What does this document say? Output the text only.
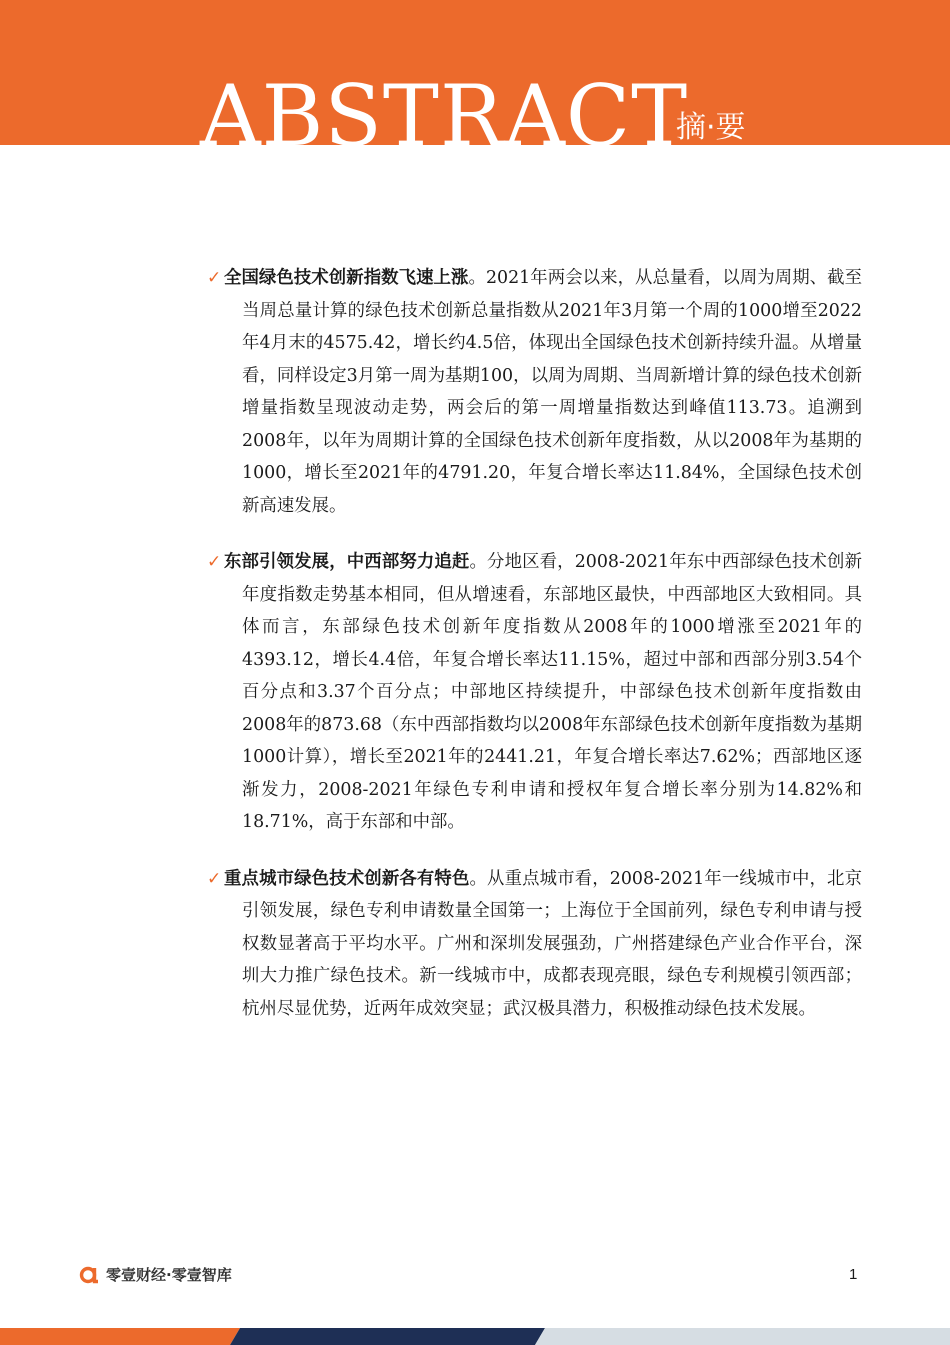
ABSTRACT
摘·要
✓ 全国绿色技术创新指数飞速上涨。2021年两会以来，从总量看，以周为周期、截至当周总量计算的绿色技术创新总量指数从2021年3月第一个周的1000增至2022年4月末的4575.42，增长约4.5倍，体现出全国绿色技术创新持续升温。从增量看，同样设定3月第一周为基期100，以周为周期、当周新增计算的绿色技术创新增量指数呈现波动走势，两会后的第一周增量指数达到峰值113.73。追溯到2008年，以年为周期计算的全国绿色技术创新年度指数，从以2008年为基期的1000，增长至2021年的4791.20，年复合增长率达11.84%，全国绿色技术创新高速发展。
✓ 东部引领发展，中西部努力追赶。分地区看，2008-2021年东中西部绿色技术创新年度指数走势基本相同，但从增速看，东部地区最快，中西部地区大致相同。具体而言，东部绿色技术创新年度指数从2008年的1000增涨至2021年的4393.12，增长4.4倍，年复合增长率达11.15%，超过中部和西部分别3.54个百分点和3.37个百分点；中部地区持续提升，中部绿色技术创新年度指数由2008年的873.68（东中西部指数均以2008年东部绿色技术创新年度指数为基期1000计算），增长至2021年的2441.21，年复合增长率达7.62%；西部地区逐渐发力，2008-2021年绿色专利申请和授权年复合增长率分别为14.82%和18.71%，高于东部和中部。
✓ 重点城市绿色技术创新各有特色。从重点城市看，2008-2021年一线城市中，北京引领发展，绿色专利申请数量全国第一；上海位于全国前列，绿色专利申请与授权数显著高于平均水平。广州和深圳发展强劲，广州搭建绿色产业合作平台，深圳大力推广绿色技术。新一线城市中，成都表现亮眼，绿色专利规模引领西部；杭州尽显优势，近两年成效突显；武汉极具潜力，积极推动绿色技术发展。
零壹财经·零壹智库	1
